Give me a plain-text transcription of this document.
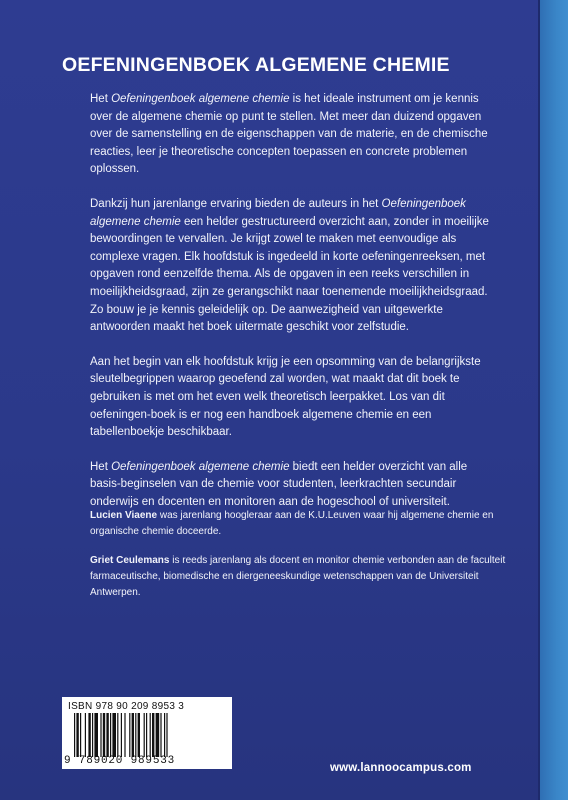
OEFENINGENBOEK ALGEMENE CHEMIE

Het Oefeningenboek algemene chemie is het ideale instrument om je kennis over de algemene chemie op punt te stellen. Met meer dan duizend opgaven over de samenstelling en de eigenschappen van de materie, en de chemische reacties, leer je theoretische concepten toepassen en concrete problemen oplossen.

Dankzij hun jarenlange ervaring bieden de auteurs in het Oefeningenboek algemene chemie een helder gestructureerd overzicht aan, zonder in moeilijke bewoordingen te vervallen. Je krijgt zowel te maken met eenvoudige als complexe vragen. Elk hoofdstuk is ingedeeld in korte oefeningenreeksen, met opgaven rond eenzelfde thema. Als de opgaven in een reeks verschillen in moeilijkheidsgraad, zijn ze gerangschikt naar toenemende moeilijkheidsgraad. Zo bouw je je kennis geleidelijk op. De aanwezigheid van uitgewerkte antwoorden maakt het boek uitermate geschikt voor zelfstudie.

Aan het begin van elk hoofdstuk krijg je een opsomming van de belangrijkste sleutelbegrippen waarop geoefend zal worden, wat maakt dat dit boek te gebruiken is met om het even welk theoretisch leerpakket. Los van dit oefeningen-boek is er nog een handboek algemene chemie en een tabellenboekje beschikbaar.

Het Oefeningenboek algemene chemie biedt een helder overzicht van alle basis-beginselen van de chemie voor studenten, leerkrachten secundair onderwijs en docenten en monitoren aan de hogeschool of universiteit.

Lucien Viaene was jarenlang hoogleraar aan de K.U.Leuven waar hij algemene chemie en organische chemie doceerde.

Griet Ceulemans is reeds jarenlang als docent en monitor chemie verbonden aan de faculteit farmaceutische, biomedische en diergeneeskundige wetenschappen van de Universiteit Antwerpen.

ISBN 978 90 209 8953 3
9 789020 989533
www.lannoocampus.com
